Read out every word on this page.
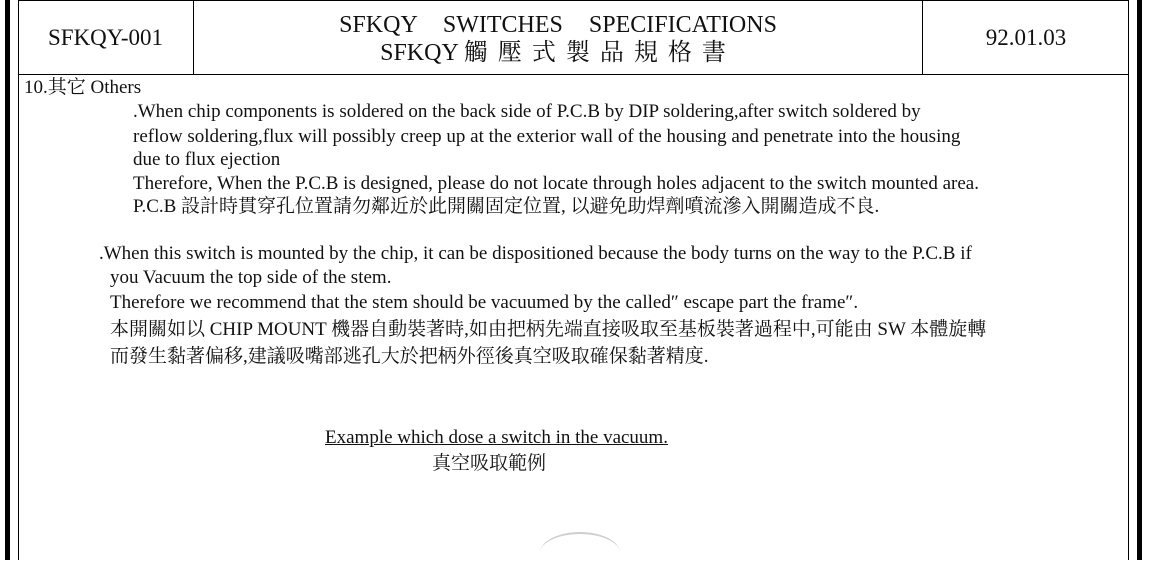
SFKQY-001	SFKQY SWITCHES SPECIFICATIONS
SFKQY 觸壓式製品規格書
92.01.03
10.其它 Others
.When chip components is soldered on the back side of P.C.B by DIP soldering,after switch soldered by
reflow soldering,flux will possibly creep up at the exterior wall of the housing and penetrate into the housing
due to flux ejection
Therefore, When the P.C.B is designed, please do not locate through holes adjacent to the switch mounted area.
P.C.B 設計時貫穿孔位置請勿鄰近於此開關固定位置, 以避免助焊劑噴流滲入開關造成不良.
.When this switch is mounted by the chip, it can be dispositioned because the body turns on the way to the P.C.B if
you Vacuum the top side of the stem.
Therefore we recommend that the stem should be vacuumed by the called″ escape part the frame″.
本開關如以 CHIP MOUNT 機器自動裝著時,如由把柄先端直接吸取至基板裝著過程中,可能由 SW 本體旋轉
而發生黏著偏移,建議吸嘴部逃孔大於把柄外徑後真空吸取確保黏著精度.
Example which dose a switch in the vacuum.
真空吸取範例
